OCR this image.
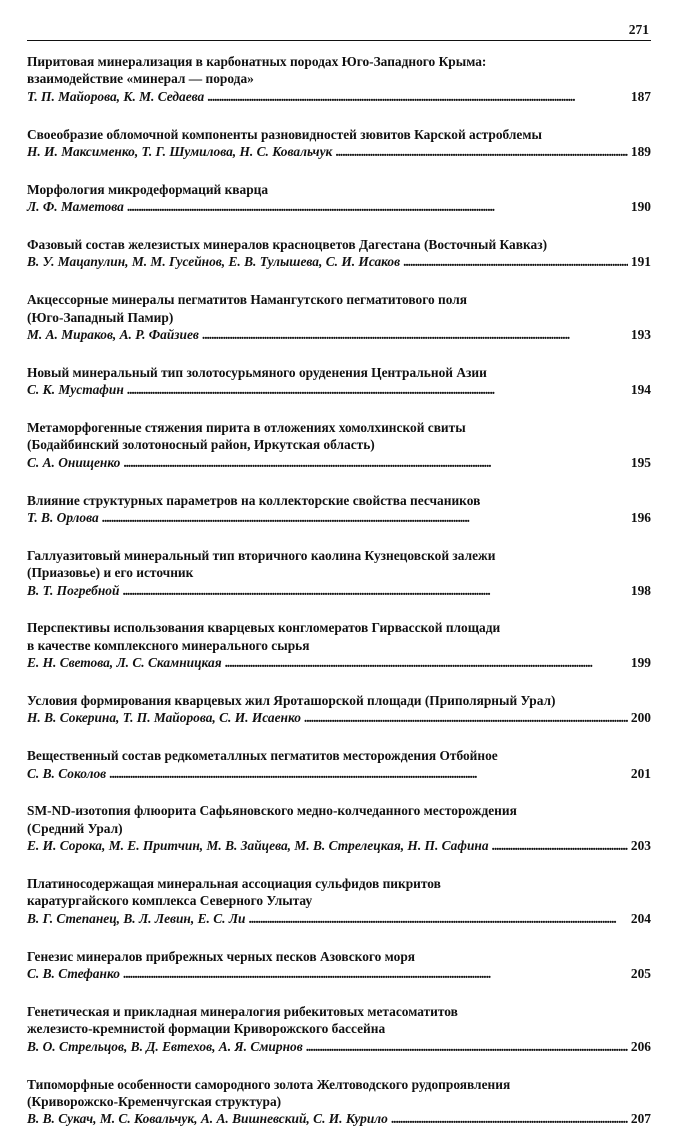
271
Пиритовая минерализация в карбонатных породах Юго-Западного Крыма:
взаимодействие «минерал — порода»
Т. П. Майорова, К. М. Седаева . . .	187
Своеобразие обломочной компоненты разновидностей зювитов Карской астроблемы
Н. И. Максименко, Т. Г. Шумилова, Н. С. Ковальчук . . .	189
Морфология микродеформаций кварца
Л. Ф. Маметова . . .	190
Фазовый состав железистых минералов красноцветов Дагестана (Восточный Кавказ)
В. У. Мацапулин, М. М. Гусейнов, Е. В. Тулышева, С. И. Исаков . . .	191
Акцессорные минералы пегматитов Намангутского пегматитового поля
(Юго-Западный Памир)
М. А. Мираков, А. Р. Файзиев . . .	193
Новый минеральный тип золотосурьмяного оруденения Центральной Азии
С. К. Мустафин . . .	194
Метаморфогенные стяжения пирита в отложениях хомолхинской свиты
(Бодайбинский золотоносный район, Иркутская область)
С. А. Онищенко . . .	195
Влияние структурных параметров на коллекторские свойства песчаников
Т. В. Орлова . . .	196
Галлуазитовый минеральный тип вторичного каолина Кузнецовской залежи
(Приазовье) и его источник
В. Т. Погребной . . .	198
Перспективы использования кварцевых конгломератов Гирвасской площади
в качестве комплексного минерального сырья
Е. Н. Светова, Л. С. Скамницкая . . .	199
Условия формирования кварцевых жил Яроташорской площади (Приполярный Урал)
Н. В. Сокерина, Т. П. Майорова, С. И. Исаенко . . .	200
Вещественный состав редкометаллных пегматитов месторождения Отбойное
С. В. Соколов . . .	201
SM-ND-изотопия флюорита Сафьяновского медно-колчеданного месторождения
(Средний Урал)
Е. И. Сорока, М. Е. Притчин, М. В. Зайцева, М. В. Стрелецкая, Н. П. Сафина . . .	203
Платиносодержащая минеральная ассоциация сульфидов пикритов
каратургайского комплекса Северного Улытау
В. Г. Степанец, В. Л. Левин, Е. С. Ли . . .	204
Генезис минералов прибрежных черных песков Азовского моря
С. В. Стефанко . . .	205
Генетическая и прикладная минералогия рибекитовых метасоматитов
железисто-кремнистой формации Криворожского бассейна
В. О. Стрельцов, В. Д. Евтехов, А. Я. Смирнов . . .	206
Типоморфные особенности самородного золота Желтоводского рудопроявления
(Криворожско-Кременчугская структура)
В. В. Сукач, М. С. Ковальчук, А. А. Вишневский, С. И. Курило . . .	207
